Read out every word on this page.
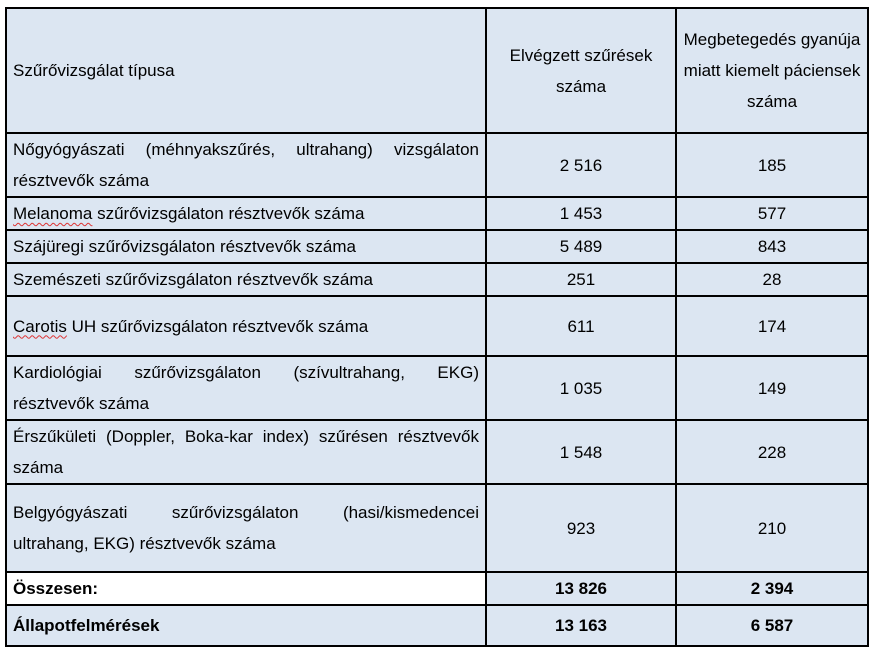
Szűrővizsgálat típusa	Elvégzett szűrések száma	Megbetegedés gyanúja miatt kiemelt páciensek száma
Nőgyógyászati (méhnyakszűrés, ultrahang) vizsgálaton résztvevők száma	2 516	185
Melanoma szűrővizsgálaton résztvevők száma	1 453	577
Szájüregi szűrővizsgálaton résztvevők száma	5 489	843
Szemészeti szűrővizsgálaton résztvevők száma	251	28
Carotis UH szűrővizsgálaton résztvevők száma	611	174
Kardiológiai szűrővizsgálaton (szívultrahang, EKG) résztvevők száma	1 035	149
Érszűkületi (Doppler, Boka-kar index) szűrésen résztvevők száma	1 548	228
Belgyógyászati szűrővizsgálaton (hasi/kismedencei ultrahang, EKG) résztvevők száma	923	210
Összesen:	13 826	2 394
Állapotfelmérések	13 163	6 587
